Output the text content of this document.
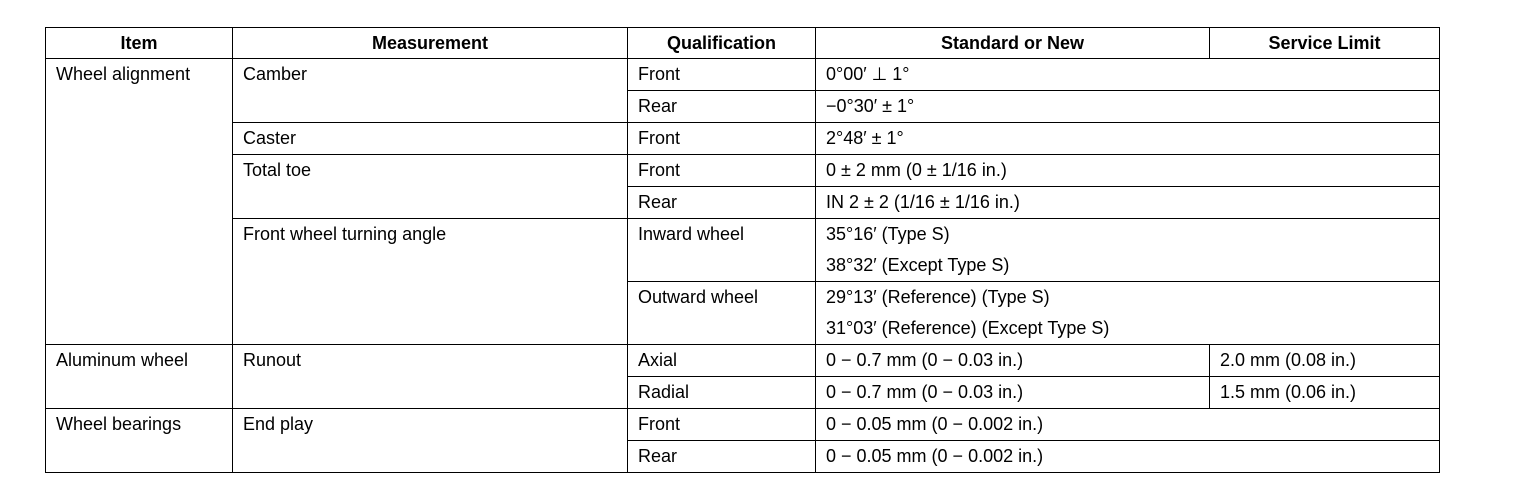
Item	Measurement	Qualification	Standard or New	Service Limit
Wheel alignment	Camber	Front	0°00′ ⊥ 1°	
		Rear	−0°30′ ± 1°	
	Caster	Front	2°48′ ± 1°	
	Total toe	Front	0 ± 2 mm (0 ± 1/16 in.)	
		Rear	IN 2 ± 2 (1/16 ± 1/16 in.)	
	Front wheel turning angle	Inward wheel	35°16′ (Type S)	
			38°32′ (Except Type S)	
		Outward wheel	29°13′ (Reference) (Type S)	
			31°03′ (Reference) (Except Type S)	
Aluminum wheel	Runout	Axial	0 − 0.7 mm (0 − 0.03 in.)	2.0 mm (0.08 in.)
		Radial	0 − 0.7 mm (0 − 0.03 in.)	1.5 mm (0.06 in.)
Wheel bearings	End play	Front	0 − 0.05 mm (0 − 0.002 in.)	
		Rear	0 − 0.05 mm (0 − 0.002 in.)	
